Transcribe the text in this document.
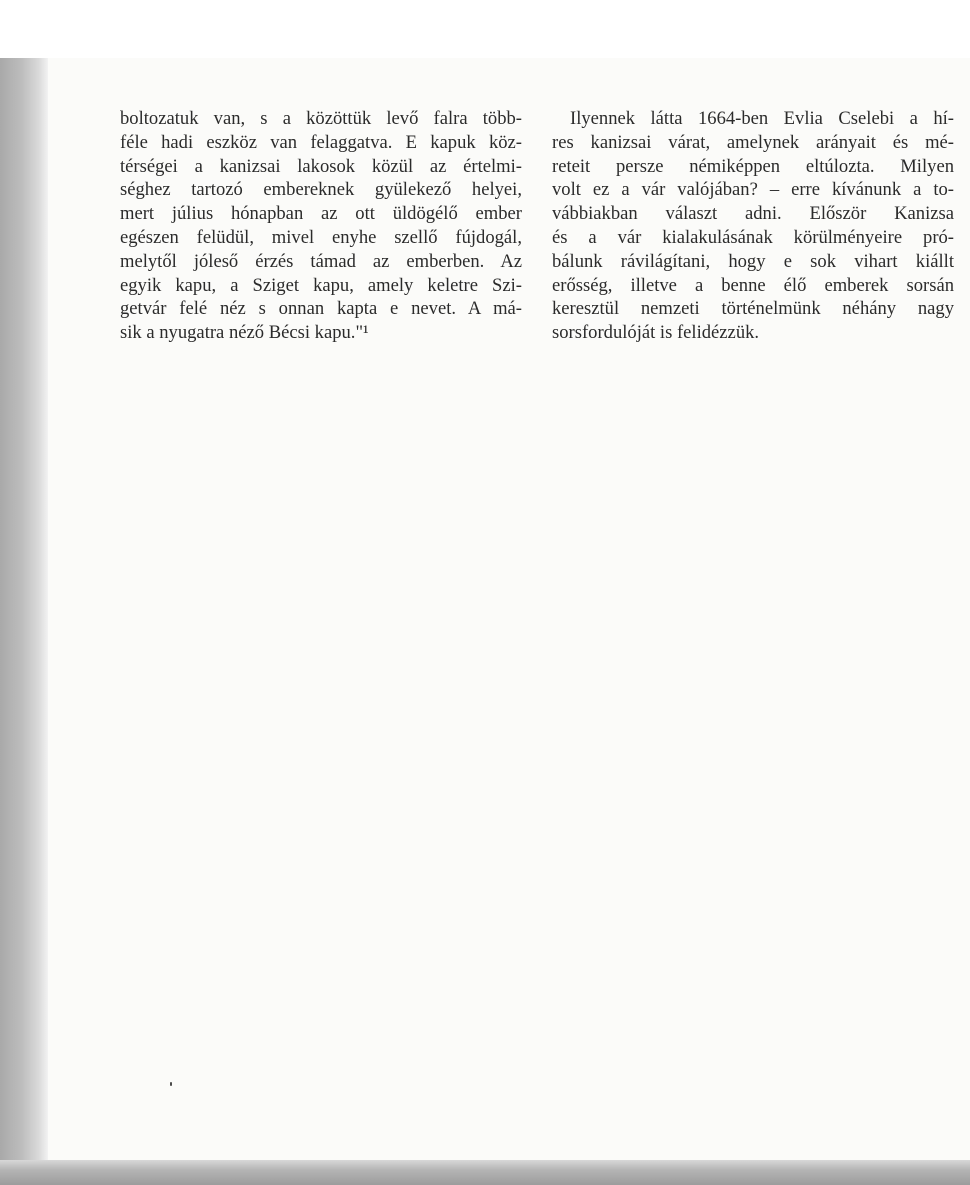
boltozatuk van, s a közöttük levő falra több-
féle hadi eszköz van felaggatva. E kapuk köz-
térségei a kanizsai lakosok közül az értelmi-
séghez tartozó embereknek gyülekező helyei,
mert július hónapban az ott üldögélő ember
egészen felüdül, mivel enyhe szellő fújdogál,
melytől jóleső érzés támad az emberben. Az
egyik kapu, a Sziget kapu, amely keletre Szi-
getvár felé néz s onnan kapta e nevet. A má-
sik a nyugatra néző Bécsi kapu."¹
Ilyennek látta 1664-ben Evlia Cselebi a hí-
res kanizsai várat, amelynek arányait és mé-
reteit persze némiképpen eltúlozta. Milyen
volt ez a vár valójában? – erre kívánunk a to-
vábbiakban választ adni. Először Kanizsa
és a vár kialakulásának körülményeire pró-
bálunk rávilágítani, hogy e sok vihart kiállt
erősség, illetve a benne élő emberek sorsán
keresztül nemzeti történelmünk néhány nagy
sorsfordulóját is felidézzük.
